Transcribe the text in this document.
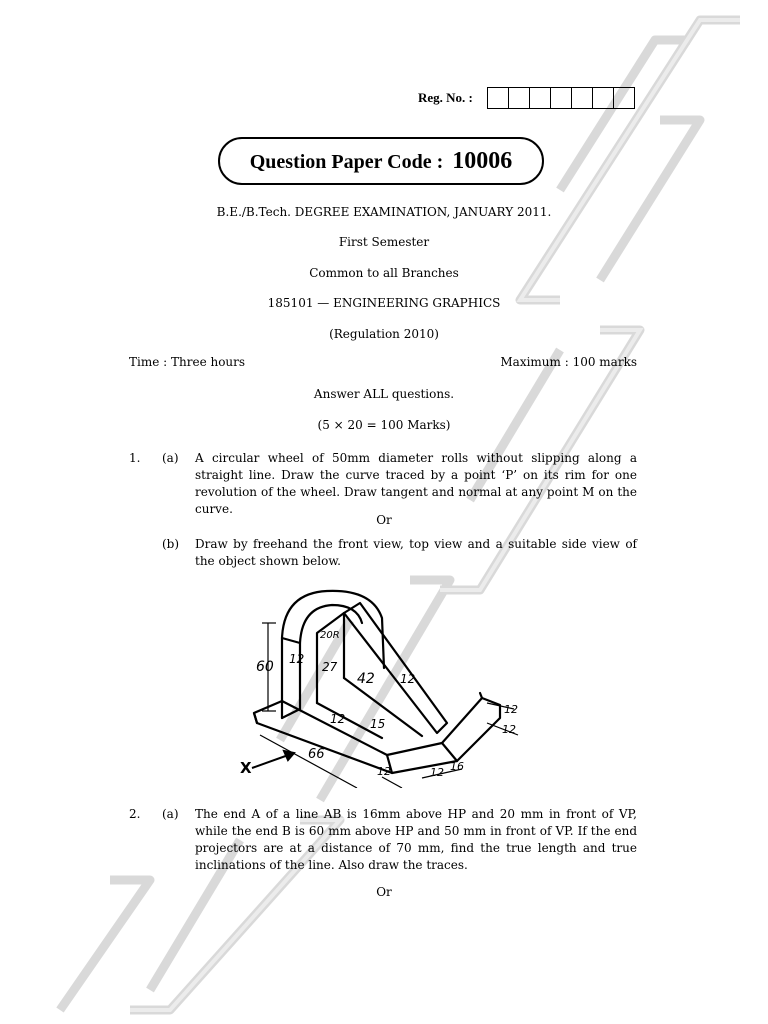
Reg. No. :
Question Paper Code : 10006
B.E./B.Tech. DEGREE EXAMINATION, JANUARY 2011.
First Semester
Common to all Branches
185101 — ENGINEERING GRAPHICS
(Regulation 2010)
Time : Three hours	Maximum : 100 marks
Answer ALL questions.
(5 × 20 = 100 Marks)
1. (a) A circular wheel of 50mm diameter rolls without slipping along a straight line. Draw the curve traced by a point ‘P’ on its rim for one revolution of the wheel. Draw tangent and normal at any point M on the curve.
Or
(b) Draw by freehand the front view, top view and a suitable side view of the object shown below.
60 12
20R
27
42 12
12 15
66
12	12
12
12
16
X
2. (a) The end A of a line AB is 16mm above HP and 20 mm in front of VP, while the end B is 60 mm above HP and 50 mm in front of VP. If the end projectors are at a distance of 70 mm, find the true length and true inclinations of the line. Also draw the traces.
Or
